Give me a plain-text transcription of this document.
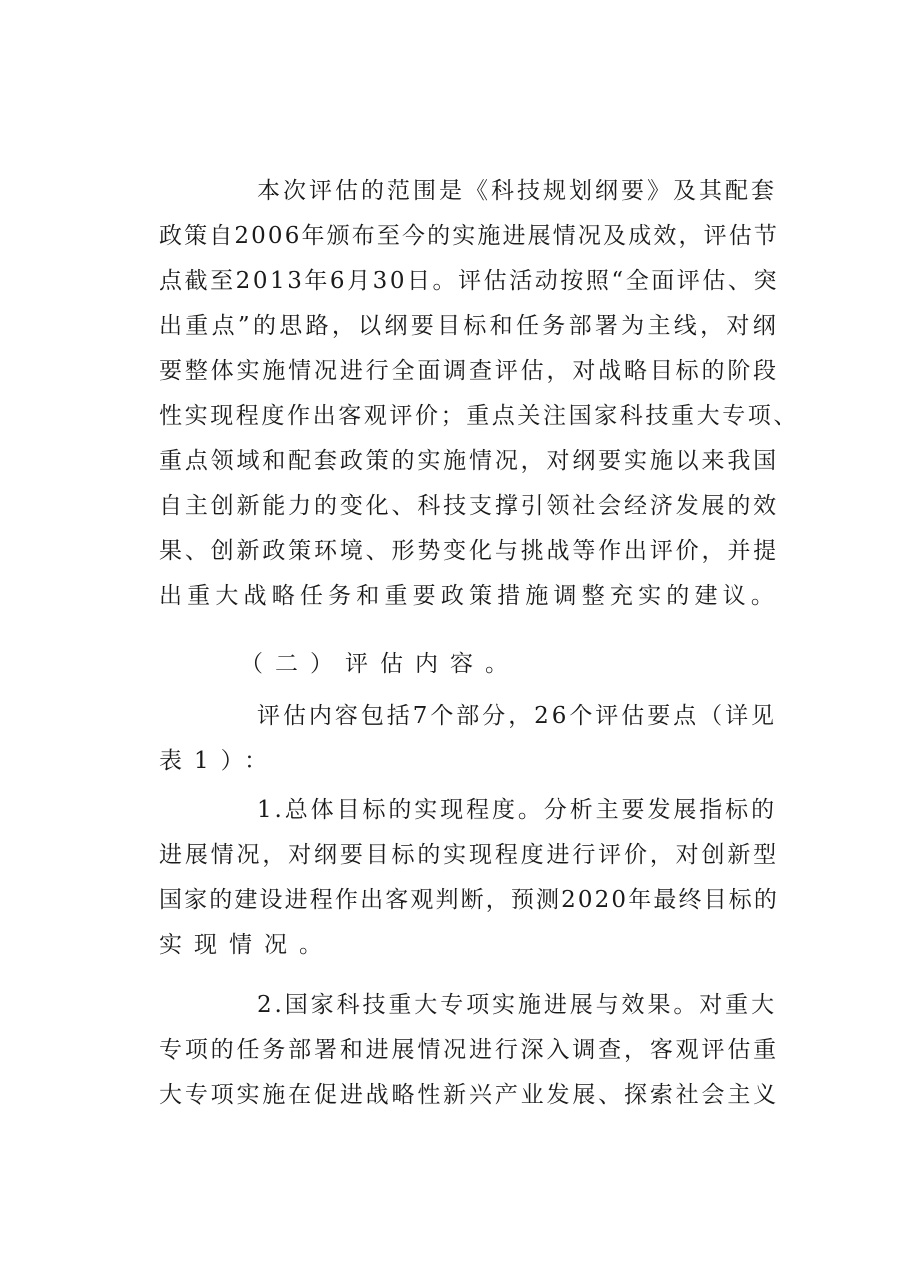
本次评估的范围是《科技规划纲要》及其配套
政策自2006年颁布至今的实施进展情况及成效，评估节
点截至2013年6月30日。评估活动按照“全面评估、突
出重点”的思路，以纲要目标和任务部署为主线，对纲
要整体实施情况进行全面调查评估，对战略目标的阶段
性实现程度作出客观评价；重点关注国家科技重大专项、
重点领域和配套政策的实施情况，对纲要实施以来我国
自主创新能力的变化、科技支撑引领社会经济发展的效
果、创新政策环境、形势变化与挑战等作出评价，并提
出重大战略任务和重要政策措施调整充实的建议。
（二）评估内容。
评估内容包括7个部分，26个评估要点（详见
表1）：
1.总体目标的实现程度。分析主要发展指标的
进展情况，对纲要目标的实现程度进行评价，对创新型
国家的建设进程作出客观判断，预测2020年最终目标的
实现情况。
2.国家科技重大专项实施进展与效果。对重大
专项的任务部署和进展情况进行深入调查，客观评估重
大专项实施在促进战略性新兴产业发展、探索社会主义
